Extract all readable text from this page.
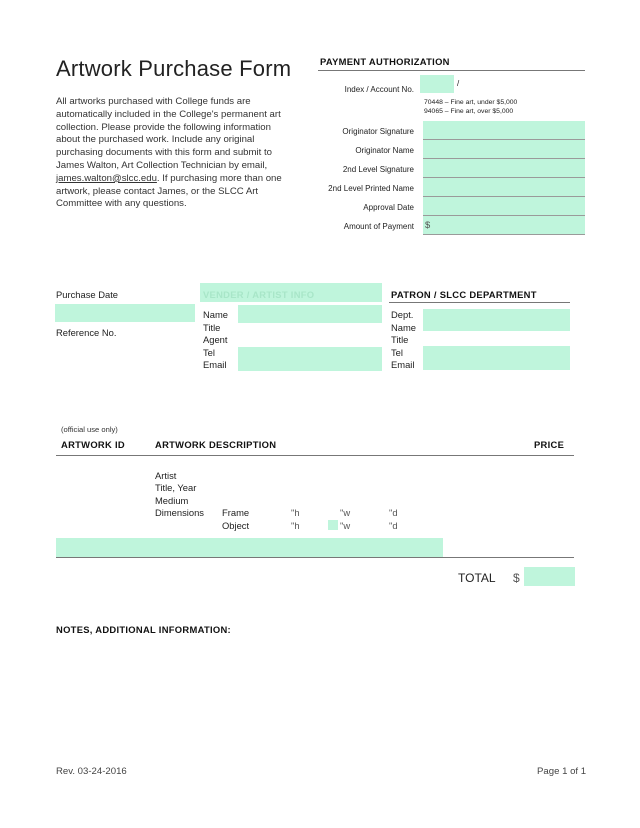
Artwork Purchase Form
All artworks purchased with College funds are automatically included in the College's permanent art collection. Please provide the following information about the purchased work. Include any original purchasing documents with this form and submit to James Walton, Art Collection Technician by email, james.walton@slcc.edu. If purchasing more than one artwork, please contact James, or the SLCC Art Committee with any questions.
PAYMENT AUTHORIZATION
Index / Account No.
/
70448 – Fine art, under $5,000
94065 – Fine art, over $5,000
Originator Signature
Originator Name
2nd Level Signature
2nd Level Printed Name
Approval Date
Amount of Payment $
Purchase Date
Reference No.
VENDER / ARTIST INFO
Name
Title
Agent
Tel
Email
PATRON / SLCC DEPARTMENT
Dept.
Name
Title
Tel
Email
(official use only)
ARTWORK ID	ARTWORK DESCRIPTION	PRICE
Artist
Title, Year
Medium
Dimensions Frame	"h	"w	"d
Object	"h	"w	"d
TOTAL $
NOTES, ADDITIONAL INFORMATION:
Rev. 03-24-2016	Page 1 of 1
